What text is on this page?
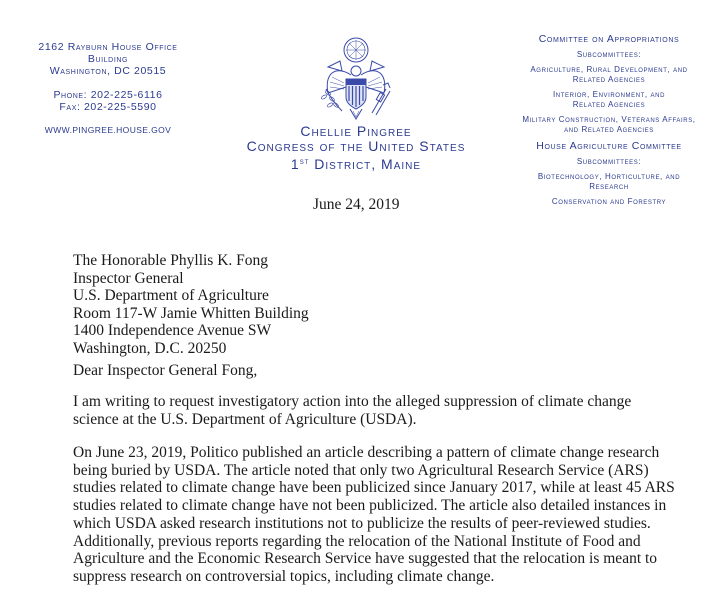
2162 Rayburn House Office Building
Washington, DC 20515
Phone: 202-225-6116
Fax: 202-225-5590
WWW.PINGREE.HOUSE.GOV	Chellie Pingree
Congress of the United States
1st District, Maine
Committee on Appropriations
Subcommittees:
Agriculture, Rural Development, and
Related Agencies
Interior, Environment, and
Related Agencies
Military Construction, Veterans Affairs,
and Related Agencies
House Agriculture Committee
Subcommittees:
Biotechnology, Horticulture, and
Research
Conservation and Forestry
June 24, 2019
The Honorable Phyllis K. Fong
Inspector General
U.S. Department of Agriculture
Room 117-W Jamie Whitten Building
1400 Independence Avenue SW
Washington, D.C. 20250
Dear Inspector General Fong,
I am writing to request investigatory action into the alleged suppression of climate change
science at the U.S. Department of Agriculture (USDA).
On June 23, 2019, Politico published an article describing a pattern of climate change research
being buried by USDA. The article noted that only two Agricultural Research Service (ARS)
studies related to climate change have been publicized since January 2017, while at least 45 ARS
studies related to climate change have not been publicized. The article also detailed instances in
which USDA asked research institutions not to publicize the results of peer-reviewed studies.
Additionally, previous reports regarding the relocation of the National Institute of Food and
Agriculture and the Economic Research Service have suggested that the relocation is meant to
suppress research on controversial topics, including climate change.
